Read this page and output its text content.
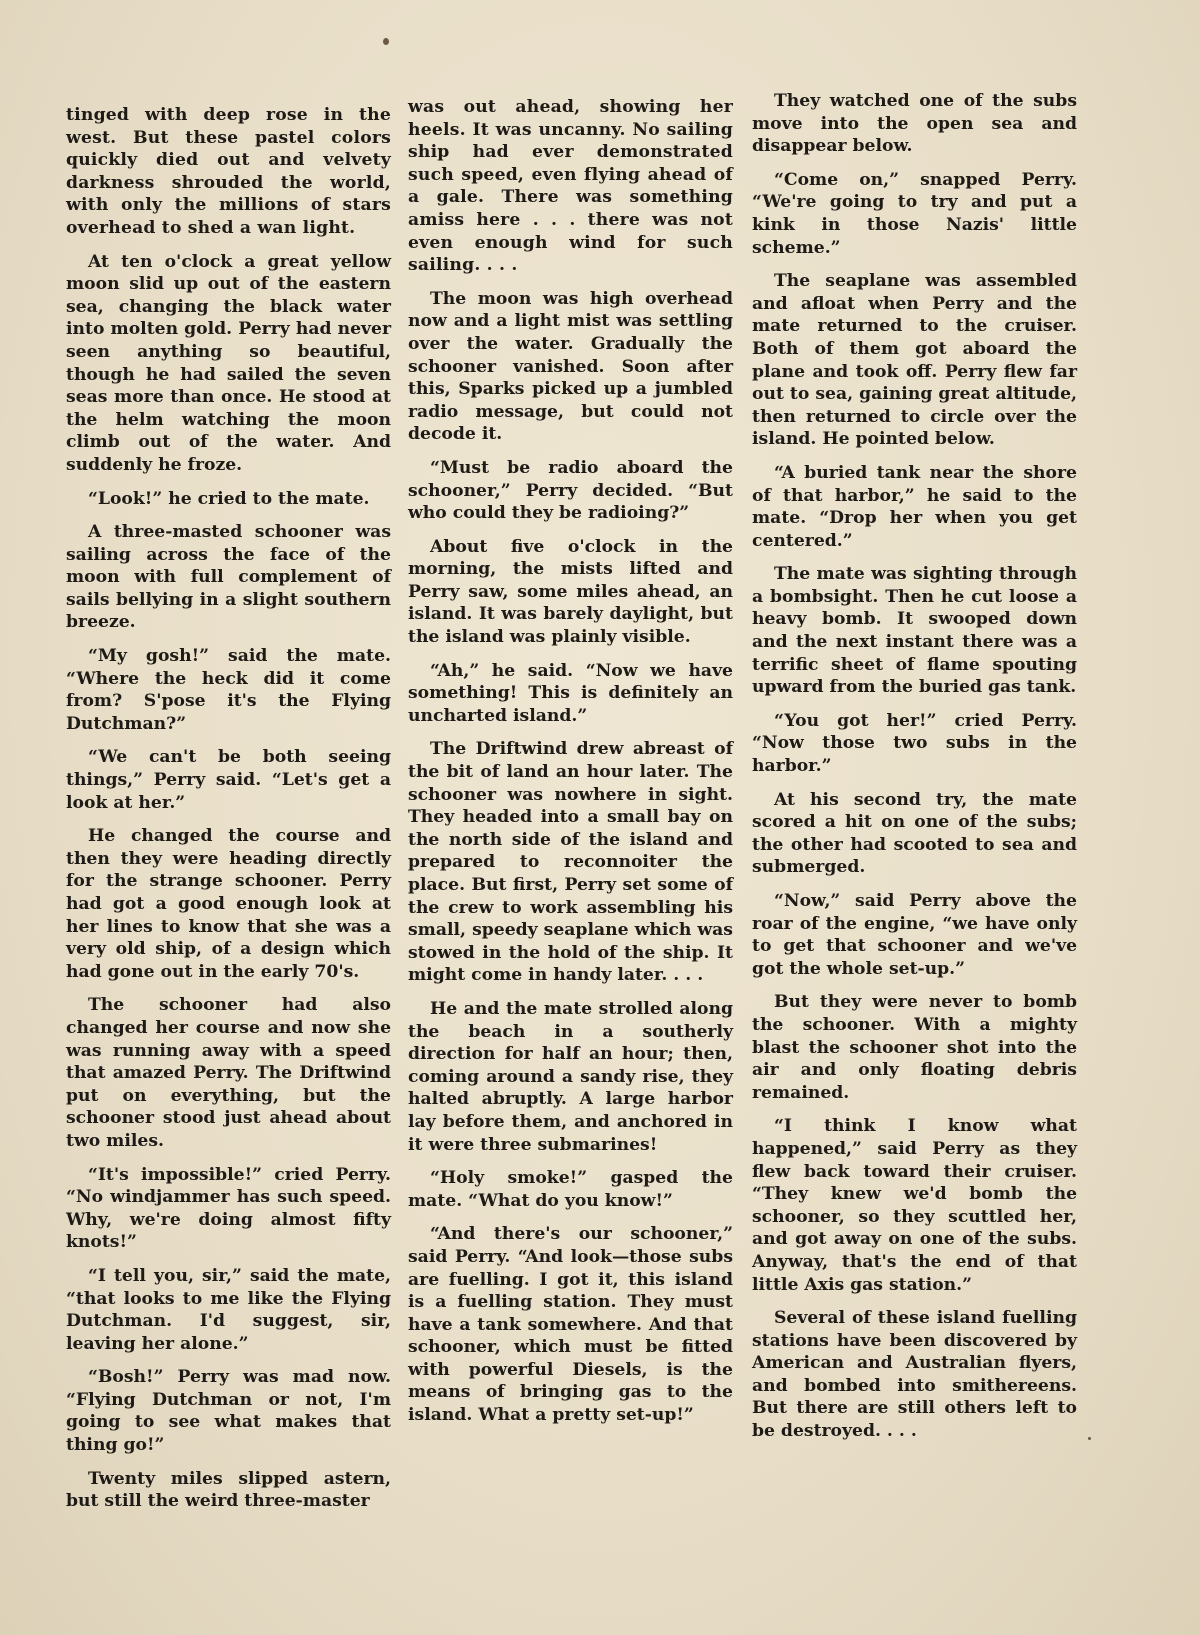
tinged with deep rose in the west. But these pastel colors quickly died out and velvety darkness shrouded the world, with only the millions of stars overhead to shed a wan light.

At ten o'clock a great yellow moon slid up out of the eastern sea, changing the black water into molten gold. Perry had never seen anything so beautiful, though he had sailed the seven seas more than once. He stood at the helm watching the moon climb out of the water. And suddenly he froze.

“Look!” he cried to the mate.

A three-masted schooner was sailing across the face of the moon with full complement of sails bellying in a slight southern breeze.

“My gosh!” said the mate. “Where the heck did it come from? S'pose it's the Flying Dutchman?”

“We can't be both seeing things,” Perry said. “Let's get a look at her.”

He changed the course and then they were heading directly for the strange schooner. Perry had got a good enough look at her lines to know that she was a very old ship, of a design which had gone out in the early 70's.

The schooner had also changed her course and now she was running away with a speed that amazed Perry. The Driftwind put on everything, but the schooner stood just ahead about two miles.

“It's impossible!” cried Perry. “No windjammer has such speed. Why, we're doing almost fifty knots!”

“I tell you, sir,” said the mate, “that looks to me like the Flying Dutchman. I'd suggest, sir, leaving her alone.”

“Bosh!” Perry was mad now. “Flying Dutchman or not, I'm going to see what makes that thing go!”

Twenty miles slipped astern, but still the weird three-master

was out ahead, showing her heels. It was uncanny. No sailing ship had ever demonstrated such speed, even flying ahead of a gale. There was something amiss here . . . there was not even enough wind for such sailing. . . .

The moon was high overhead now and a light mist was settling over the water. Gradually the schooner vanished. Soon after this, Sparks picked up a jumbled radio message, but could not decode it.

“Must be radio aboard the schooner,” Perry decided. “But who could they be radioing?”

About five o'clock in the morning, the mists lifted and Perry saw, some miles ahead, an island. It was barely daylight, but the island was plainly visible.

“Ah,” he said. “Now we have something! This is definitely an uncharted island.”

The Driftwind drew abreast of the bit of land an hour later. The schooner was nowhere in sight. They headed into a small bay on the north side of the island and prepared to reconnoiter the place. But first, Perry set some of the crew to work assembling his small, speedy seaplane which was stowed in the hold of the ship. It might come in handy later. . . .

He and the mate strolled along the beach in a southerly direction for half an hour; then, coming around a sandy rise, they halted abruptly. A large harbor lay before them, and anchored in it were three submarines!

“Holy smoke!” gasped the mate. “What do you know!”

“And there's our schooner,” said Perry. “And look—those subs are fuelling. I got it, this island is a fuelling station. They must have a tank somewhere. And that schooner, which must be fitted with powerful Diesels, is the means of bringing gas to the island. What a pretty set-up!”

They watched one of the subs move into the open sea and disappear below.

“Come on,” snapped Perry. “We're going to try and put a kink in those Nazis' little scheme.”

The seaplane was assembled and afloat when Perry and the mate returned to the cruiser. Both of them got aboard the plane and took off. Perry flew far out to sea, gaining great altitude, then returned to circle over the island. He pointed below.

“A buried tank near the shore of that harbor,” he said to the mate. “Drop her when you get centered.”

The mate was sighting through a bombsight. Then he cut loose a heavy bomb. It swooped down and the next instant there was a terrific sheet of flame spouting upward from the buried gas tank.

“You got her!” cried Perry. “Now those two subs in the harbor.”

At his second try, the mate scored a hit on one of the subs; the other had scooted to sea and submerged.

“Now,” said Perry above the roar of the engine, “we have only to get that schooner and we've got the whole set-up.”

But they were never to bomb the schooner. With a mighty blast the schooner shot into the air and only floating debris remained.

“I think I know what happened,” said Perry as they flew back toward their cruiser. “They knew we'd bomb the schooner, so they scuttled her, and got away on one of the subs. Anyway, that's the end of that little Axis gas station.”

Several of these island fuelling stations have been discovered by American and Australian flyers, and bombed into smithereens. But there are still others left to be destroyed. . . .
